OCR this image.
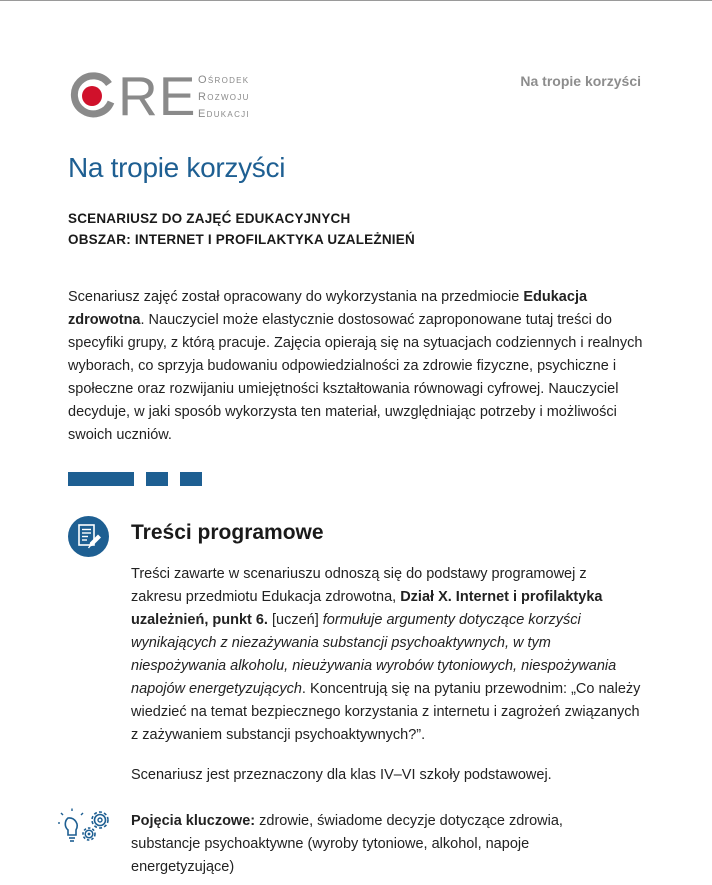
RE Ośrodek
Rozwoju
Edukacji
Na tropie korzyści
Na tropie korzyści
SCENARIUSZ DO ZAJĘĆ EDUKACYJNYCH
OBSZAR: INTERNET I PROFILAKTYKA UZALEŻNIEŃ

Scenariusz zajęć został opracowany do wykorzystania na przedmiocie Edukacja zdrowotna. Nauczyciel może elastycznie dostosować zaproponowane tutaj treści do specyfiki grupy, z którą pracuje. Zajęcia opierają się na sytuacjach codziennych i realnych wyborach, co sprzyja budowaniu odpowiedzialności za zdrowie fizyczne, psychiczne i społeczne oraz rozwijaniu umiejętności kształtowania równowagi cyfrowej. Nauczyciel decyduje, w jaki sposób wykorzysta ten materiał, uwzględniając potrzeby i możliwości swoich uczniów.

Treści programowe

Treści zawarte w scenariuszu odnoszą się do podstawy programowej z zakresu przedmiotu Edukacja zdrowotna, Dział X. Internet i profilaktyka uzależnień, punkt 6. [uczeń] formułuje argumenty dotyczące korzyści wynikających z niezażywania substancji psychoaktywnych, w tym niespożywania alkoholu, nieużywania wyrobów tytoniowych, niespożywania napojów energetyzujących. Koncentrują się na pytaniu przewodnim: „Co należy wiedzieć na temat bezpiecznego korzystania z internetu i zagrożeń związanych z zażywaniem substancji psychoaktywnych?”.

Scenariusz jest przeznaczony dla klas IV–VI szkoły podstawowej.

Pojęcia kluczowe: zdrowie, świadome decyzje dotyczące zdrowia, substancje psychoaktywne (wyroby tytoniowe, alkohol, napoje energetyzujące)
